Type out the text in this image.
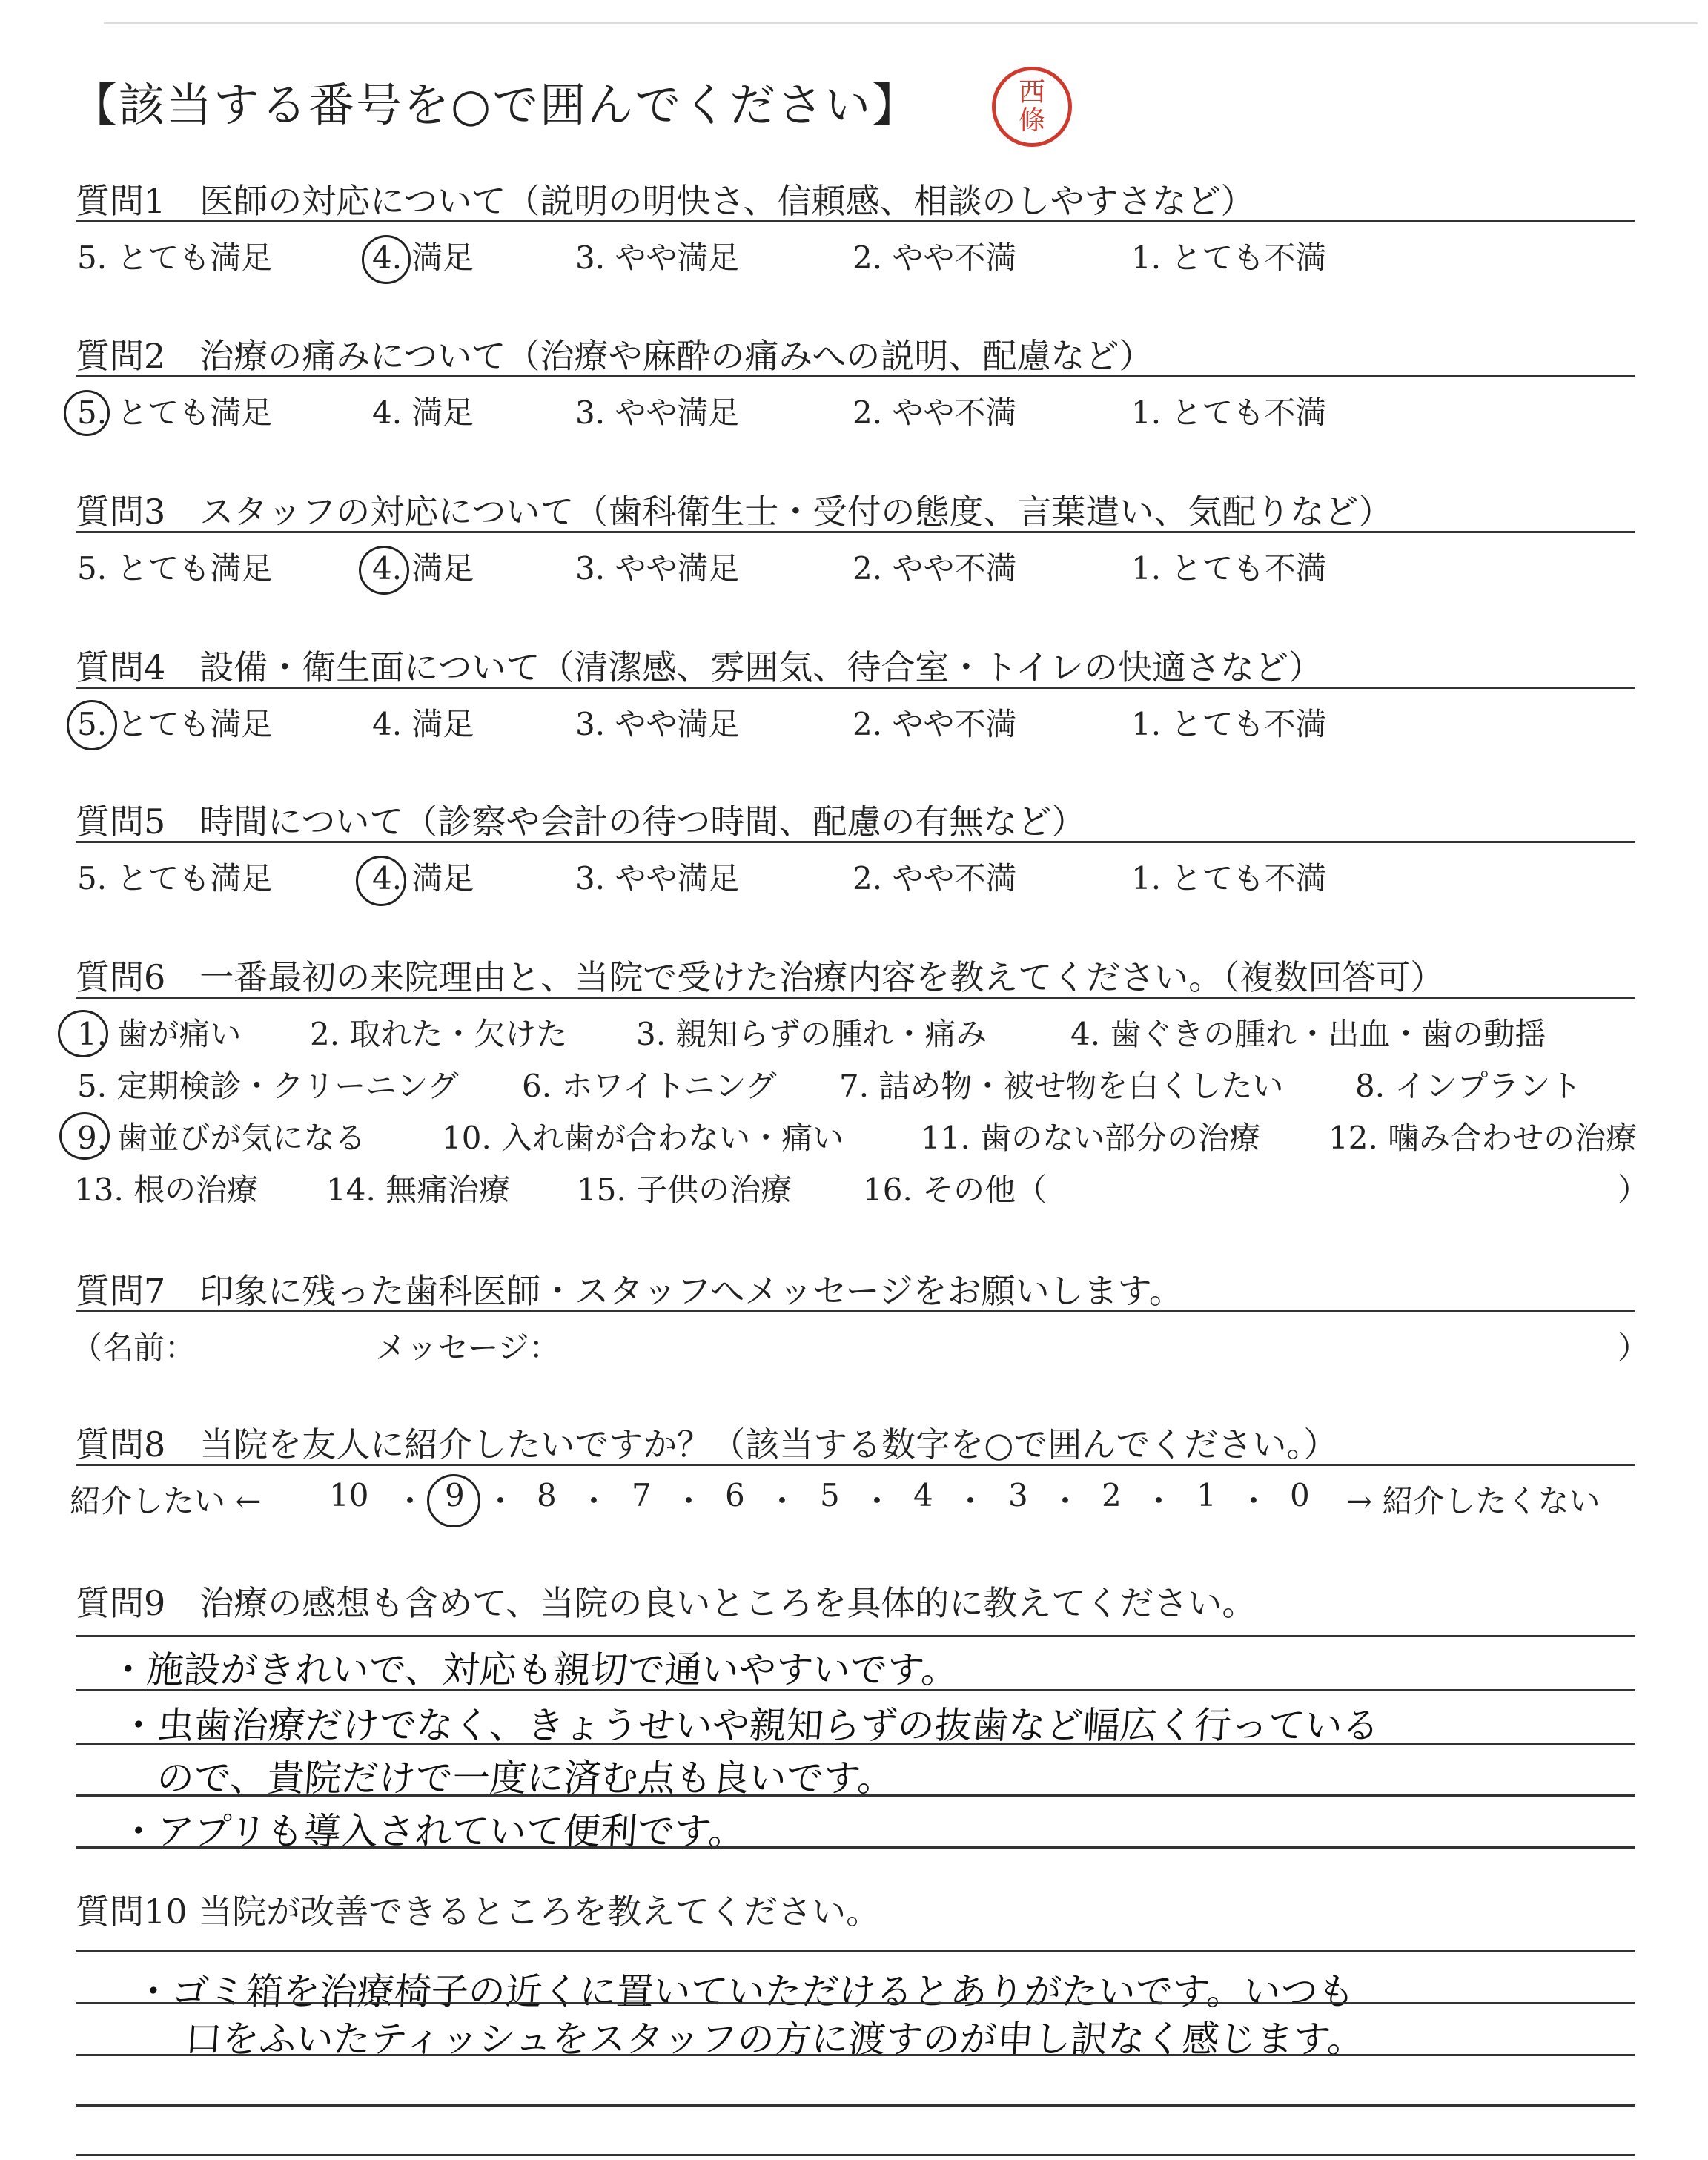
【該当する番号を○で囲んでください】	西
條
質問1　医師の対応について（説明の明快さ、信頼感、相談のしやすさなど）
5. とても満足	4. 満足	3. やや満足	2. やや不満	1. とても不満
質問2　治療の痛みについて（治療や麻酔の痛みへの説明、配慮など）
5. とても満足	4. 満足	3. やや満足	2. やや不満	1. とても不満
質問3　スタッフの対応について（歯科衛生士・受付の態度、言葉遣い、気配りなど）
5. とても満足	4. 満足	3. やや満足	2. やや不満	1. とても不満
質問4　設備・衛生面について（清潔感、雰囲気、待合室・トイレの快適さなど）
5. とても満足	4. 満足	3. やや満足	2. やや不満	1. とても不満
質問5　時間について（診察や会計の待つ時間、配慮の有無など）
5. とても満足	4. 満足	3. やや満足	2. やや不満	1. とても不満
質問6　一番最初の来院理由と、当院で受けた治療内容を教えてください。（複数回答可）
1. 歯が痛い 2. 取れた・欠けた 3. 親知らずの腫れ・痛み	4. 歯ぐきの腫れ・出血・歯の動揺
5. 定期検診・クリーニング 6. ホワイトニング 7. 詰め物・被せ物を白くしたい 8. インプラント
9. 歯並びが気になる 10. 入れ歯が合わない・痛い 11. 歯のない部分の治療 12. 噛み合わせの治療
13. 根の治療 14. 無痛治療 15. 子供の治療 16. その他（	）
質問7　印象に残った歯科医師・スタッフへメッセージをお願いします。
（名前：	メッセージ：	）
質問8　当院を友人に紹介したいですか？（該当する数字を○で囲んでください。）
紹介したい ← 10 ・ 9 ・ 8 ・ 7 ・ 6 ・ 5 ・ 4 ・ 3 ・ 2 ・ 1 ・ 0 → 紹介したくない
質問9　治療の感想も含めて、当院の良いところを具体的に教えてください。
・施設がきれいで、対応も親切で通いやすいです。
・虫歯治療だけでなく、きょうせいや親知らずの抜歯など幅広く行っている
ので、貴院だけで一度に済む点も良いです。
・アプリも導入されていて便利です。
質問10 当院が改善できるところを教えてください。
・ゴミ箱を治療椅子の近くに置いていただけるとありがたいです。いつも
口をふいたティッシュをスタッフの方に渡すのが申し訳なく感じます。
